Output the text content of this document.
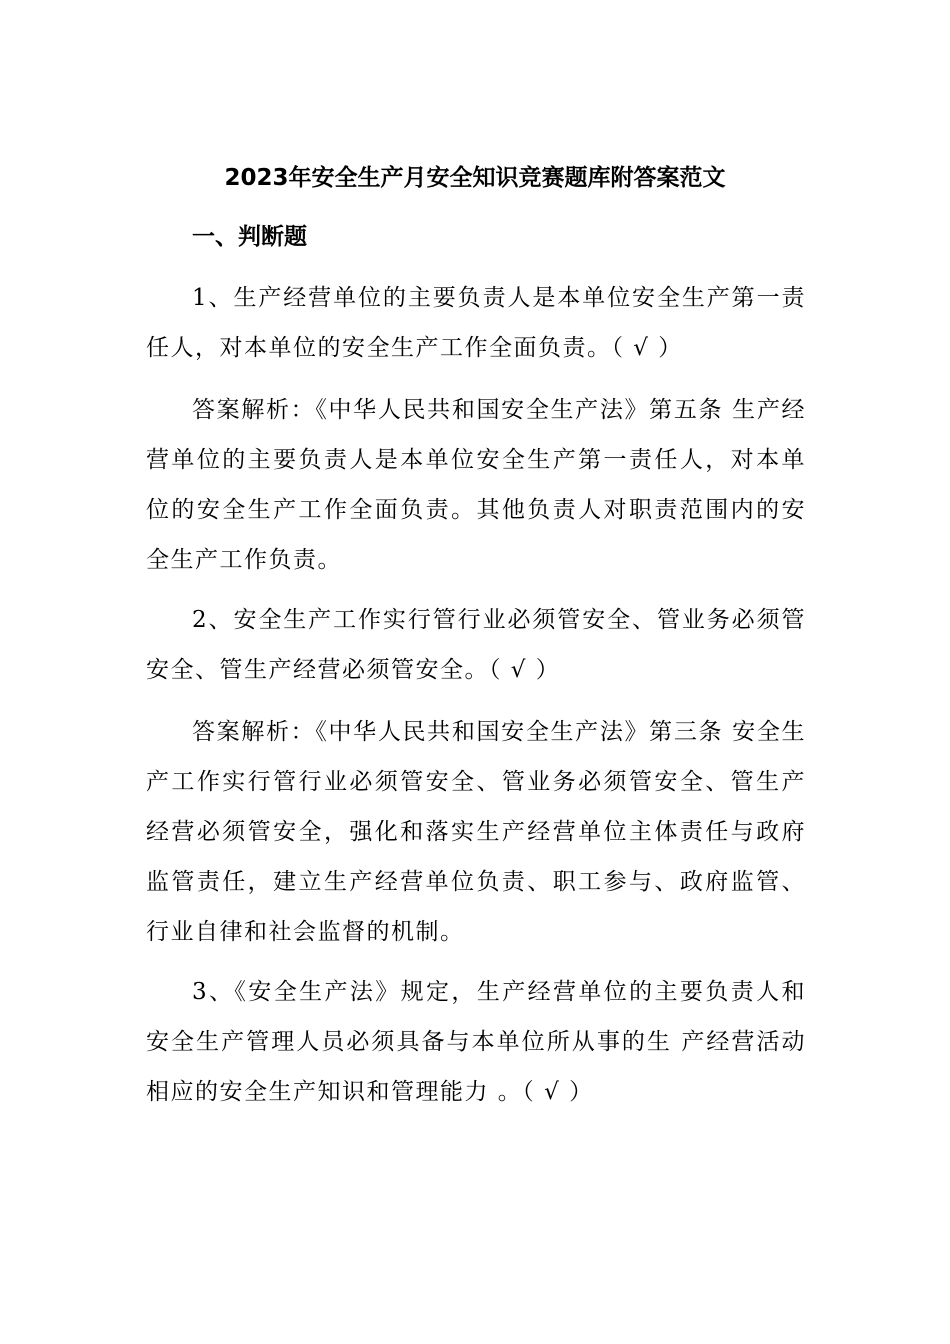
2023年安全生产月安全知识竞赛题库附答案范文
一、判断题

1、生产经营单位的主要负责人是本单位安全生产第一责任人，对本单位的安全生产工作全面负责。（ √ ）

答案解析：《中华人民共和国安全生产法》第五条 生产经营单位的主要负责人是本单位安全生产第一责任人，对本单位的安全生产工作全面负责。其他负责人对职责范围内的安全生产工作负责。

2、安全生产工作实行管行业必须管安全、管业务必须管安全、管生产经营必须管安全。（ √ ）

答案解析：《中华人民共和国安全生产法》第三条 安全生产工作实行管行业必须管安全、管业务必须管安全、管生产经营必须管安全，强化和落实生产经营单位主体责任与政府监管责任，建立生产经营单位负责、职工参与、政府监管、行业自律和社会监督的机制。

3、《安全生产法》规定，生产经营单位的主要负责人和安全生产管理人员必须具备与本单位所从事的生 产经营活动相应的安全生产知识和管理能力 。（ √ ）
